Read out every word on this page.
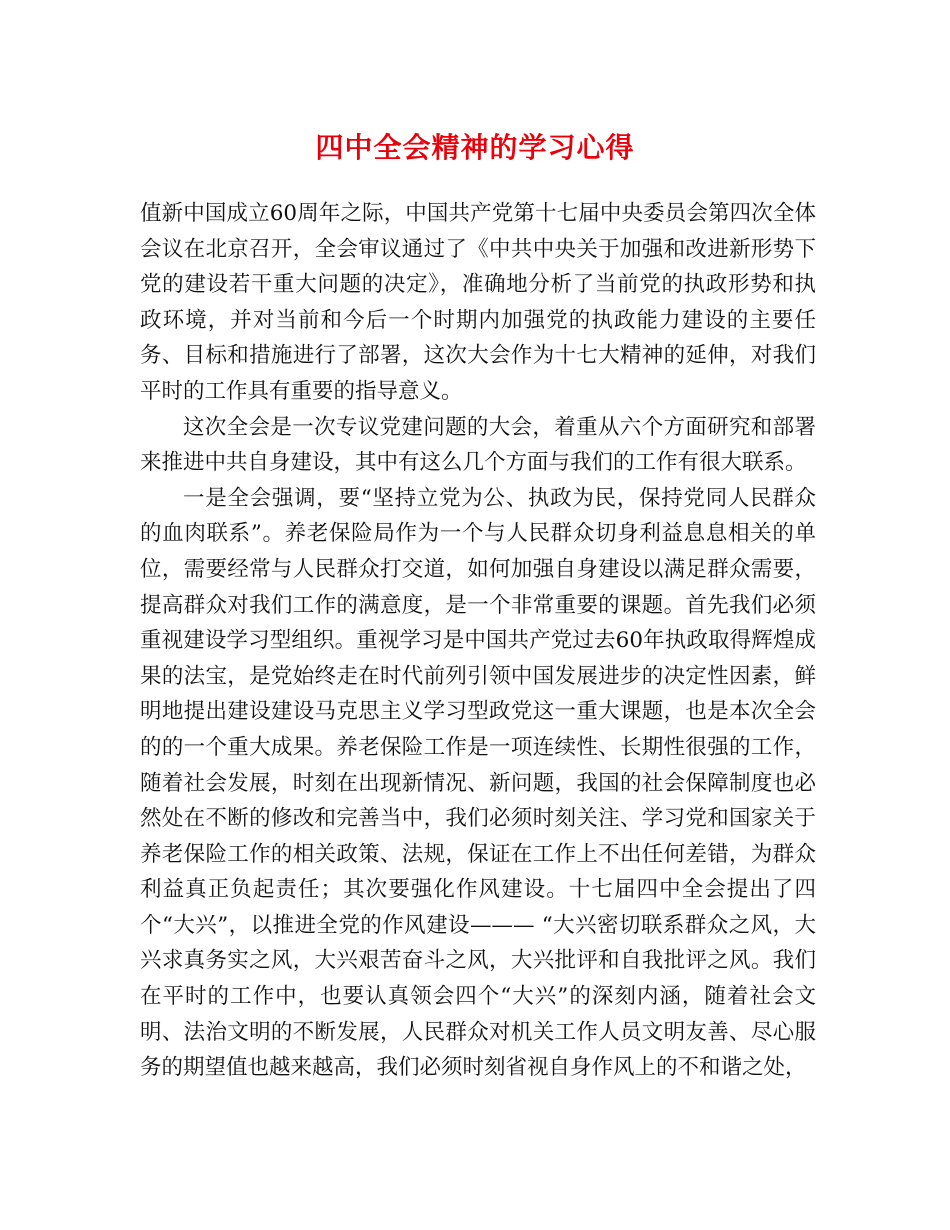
四中全会精神的学习心得

值新中国成立60周年之际，中国共产党第十七届中央委员会第四次全体会议在北京召开，全会审议通过了《中共中央关于加强和改进新形势下党的建设若干重大问题的决定》，准确地分析了当前党的执政形势和执政环境，并对当前和今后一个时期内加强党的执政能力建设的主要任务、目标和措施进行了部署，这次大会作为十七大精神的延伸，对我们平时的工作具有重要的指导意义。

这次全会是一次专议党建问题的大会，着重从六个方面研究和部署来推进中共自身建设，其中有这么几个方面与我们的工作有很大联系。

一是全会强调，要“坚持立党为公、执政为民，保持党同人民群众的血肉联系”。养老保险局作为一个与人民群众切身利益息息相关的单位，需要经常与人民群众打交道，如何加强自身建设以满足群众需要，提高群众对我们工作的满意度，是一个非常重要的课题。首先我们必须重视建设学习型组织。重视学习是中国共产党过去60年执政取得辉煌成果的法宝，是党始终走在时代前列引领中国发展进步的决定性因素，鲜明地提出建设建设马克思主义学习型政党这一重大课题，也是本次全会的的一个重大成果。养老保险工作是一项连续性、长期性很强的工作，随着社会发展，时刻在出现新情况、新问题，我国的社会保障制度也必然处在不断的修改和完善当中，我们必须时刻关注、学习党和国家关于养老保险工作的相关政策、法规，保证在工作上不出任何差错，为群众利益真正负起责任；其次要强化作风建设。十七届四中全会提出了四个“大兴”，以推进全党的作风建设——— “大兴密切联系群众之风，大兴求真务实之风，大兴艰苦奋斗之风，大兴批评和自我批评之风。我们在平时的工作中，也要认真领会四个“大兴”的深刻内涵，随着社会文明、法治文明的不断发展，人民群众对机关工作人员文明友善、尽心服务的期望值也越来越高，我们必须时刻省视自身作风上的不和谐之处，
